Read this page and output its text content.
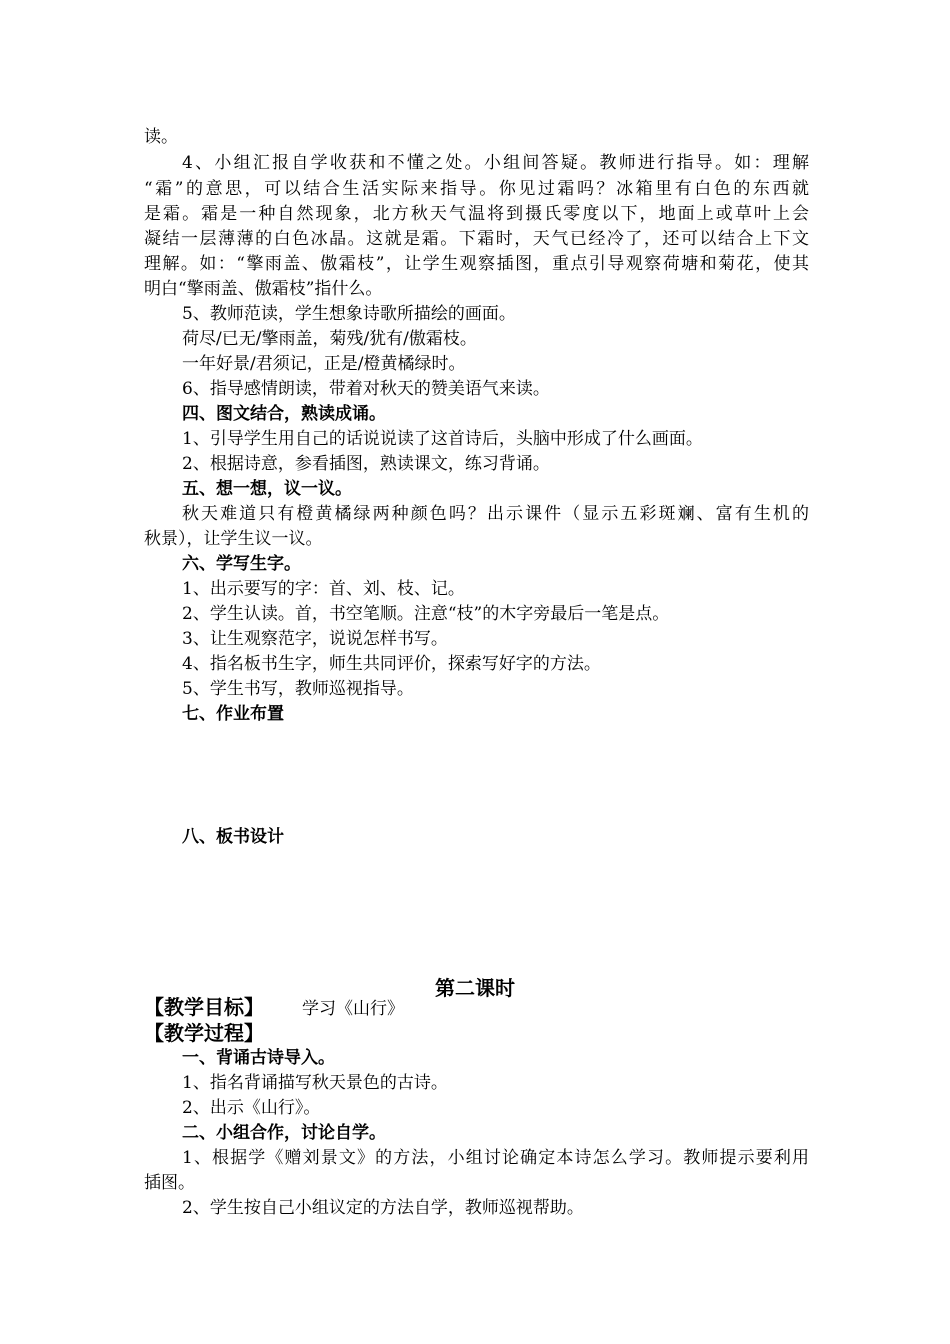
读。
4、小组汇报自学收获和不懂之处。小组间答疑。教师进行指导。如：理解
“霜”的意思，可以结合生活实际来指导。你见过霜吗？冰箱里有白色的东西就
是霜。霜是一种自然现象，北方秋天气温将到摄氏零度以下，地面上或草叶上会
凝结一层薄薄的白色冰晶。这就是霜。下霜时，天气已经冷了，还可以结合上下文
理解。如：“擎雨盖、傲霜枝”，让学生观察插图，重点引导观察荷塘和菊花，使其
明白“擎雨盖、傲霜枝”指什么。
5、教师范读，学生想象诗歌所描绘的画面。
荷尽/已无/擎雨盖，菊残/犹有/傲霜枝。
一年好景/君须记，正是/橙黄橘绿时。
6、指导感情朗读，带着对秋天的赞美语气来读。
四、图文结合，熟读成诵。
1、引导学生用自己的话说说读了这首诗后，头脑中形成了什么画面。
2、根据诗意，参看插图，熟读课文，练习背诵。
五、想一想，议一议。
秋天难道只有橙黄橘绿两种颜色吗？出示课件（显示五彩斑斓、富有生机的
秋景），让学生议一议。
六、学写生字。
1、出示要写的字：首、刘、枝、记。
2、学生认读。首，书空笔顺。注意“枝”的木字旁最后一笔是点。
3、让生观察范字，说说怎样书写。
4、指名板书生字，师生共同评价，探索写好字的方法。
5、学生书写，教师巡视指导。
七、作业布置
八、板书设计
第二课时
【教学目标】	学习《山行》
【教学过程】
一、背诵古诗导入。
1、指名背诵描写秋天景色的古诗。
2、出示《山行》。
二、小组合作，讨论自学。
1、根据学《赠刘景文》的方法，小组讨论确定本诗怎么学习。教师提示要利用
插图。
2、学生按自己小组议定的方法自学，教师巡视帮助。
